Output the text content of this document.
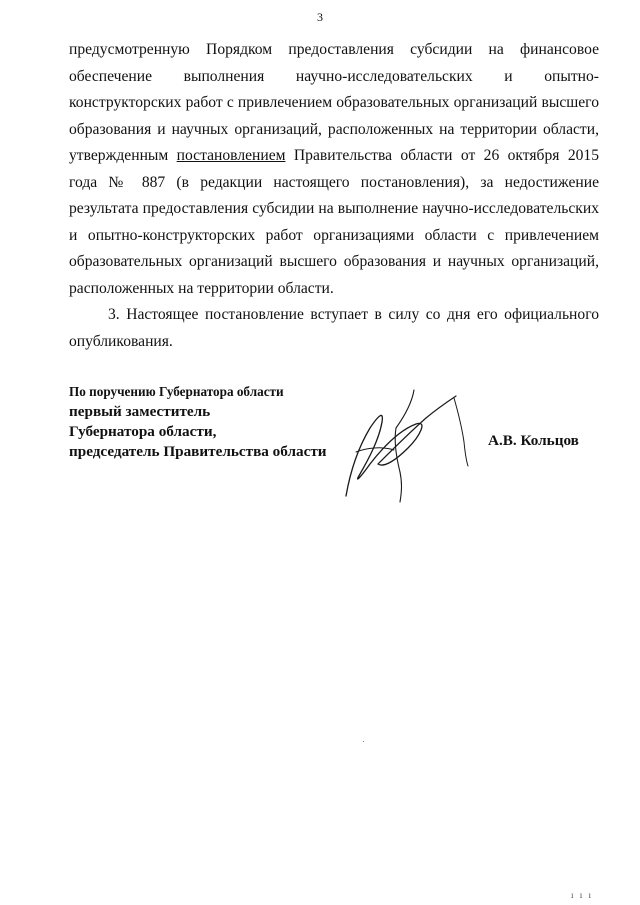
3

предусмотренную Порядком предоставления субсидии на финансовое обеспечение выполнения научно-исследовательских и опытно-конструкторских работ с привлечением образовательных организаций высшего образования и научных организаций, расположенных на территории области, утвержденным постановлением Правительства области от 26 октября 2015 года № 887 (в редакции настоящего постановления), за недостижение результата предоставления субсидии на выполнение научно-исследовательских и опытно-конструкторских работ организациями области с привлечением образовательных организаций высшего образования и научных организаций, расположенных на территории области.

3. Настоящее постановление вступает в силу со дня его официального опубликования.

По поручению Губернатора области
первый заместитель
Губернатора области,
председатель Правительства области
А.В. Кольцов
ı ı ı
